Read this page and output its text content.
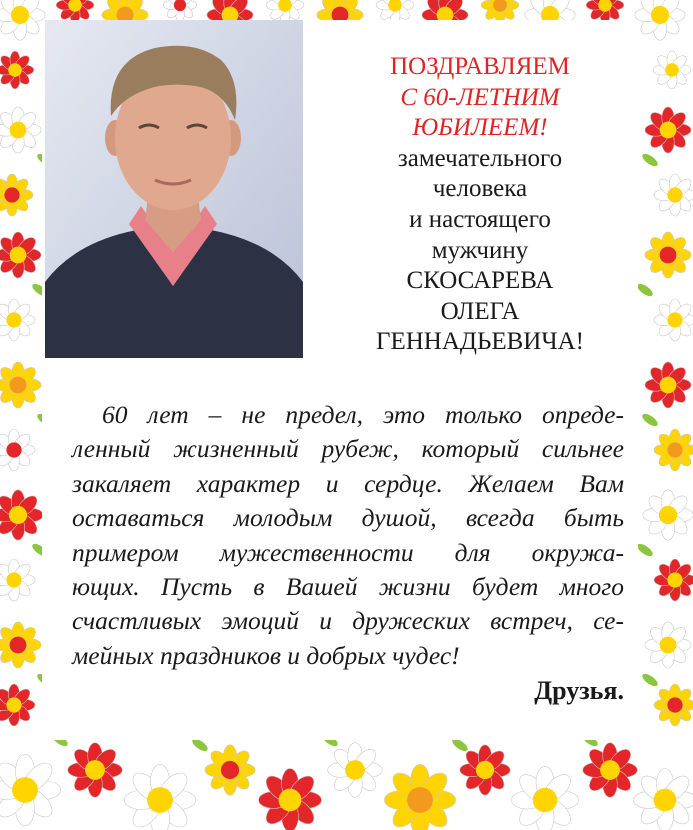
ПОЗДРАВЛЯЕМ
С 60-ЛЕТНИМ
ЮБИЛЕЕМ!
замечательного
человека
и настоящего
мужчину
СКОСАРЕВА
ОЛЕГА
ГЕННАДЬЕВИЧА!
60 лет – не предел, это только опреде-
ленный жизненный рубеж, который сильнее
закаляет характер и сердце. Желаем Вам
оставаться молодым душой, всегда быть
примером мужественности для окружа-
ющих. Пусть в Вашей жизни будет много
счастливых эмоций и дружеских встреч, се-
мейных праздников и добрых чудес!
Друзья.
